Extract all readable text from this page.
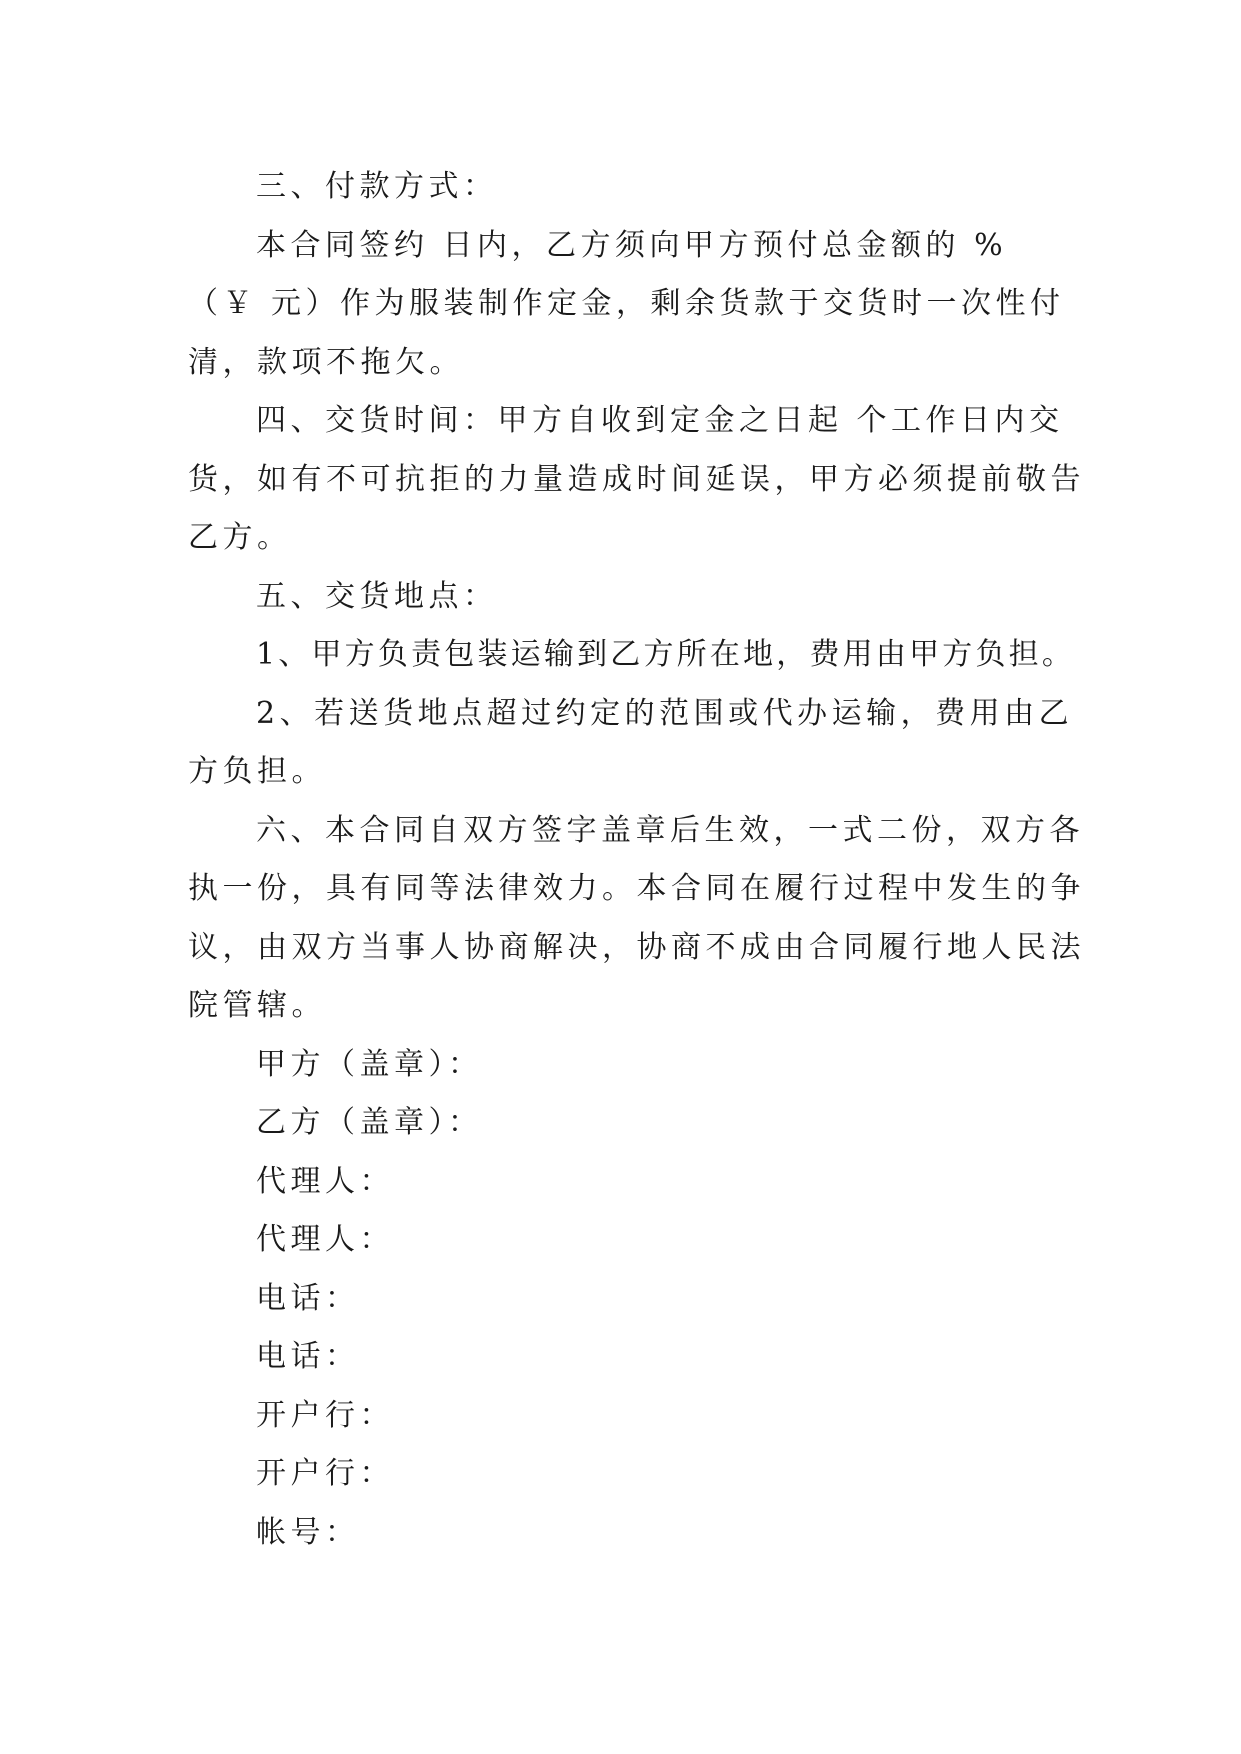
三、付款方式：
本合同签约 日内，乙方须向甲方预付总金额的 %
（￥ 元）作为服装制作定金，剩余货款于交货时一次性付
清，款项不拖欠。
四、交货时间：甲方自收到定金之日起 个工作日内交
货，如有不可抗拒的力量造成时间延误，甲方必须提前敬告
乙方。
五、交货地点：
1、甲方负责包装运输到乙方所在地，费用由甲方负担。
2、若送货地点超过约定的范围或代办运输，费用由乙
方负担。
六、本合同自双方签字盖章后生效，一式二份，双方各
执一份，具有同等法律效力。本合同在履行过程中发生的争
议，由双方当事人协商解决，协商不成由合同履行地人民法
院管辖。
甲方（盖章）：
乙方（盖章）：
代理人：
代理人：
电话：
电话：
开户行：
开户行：
帐号：
